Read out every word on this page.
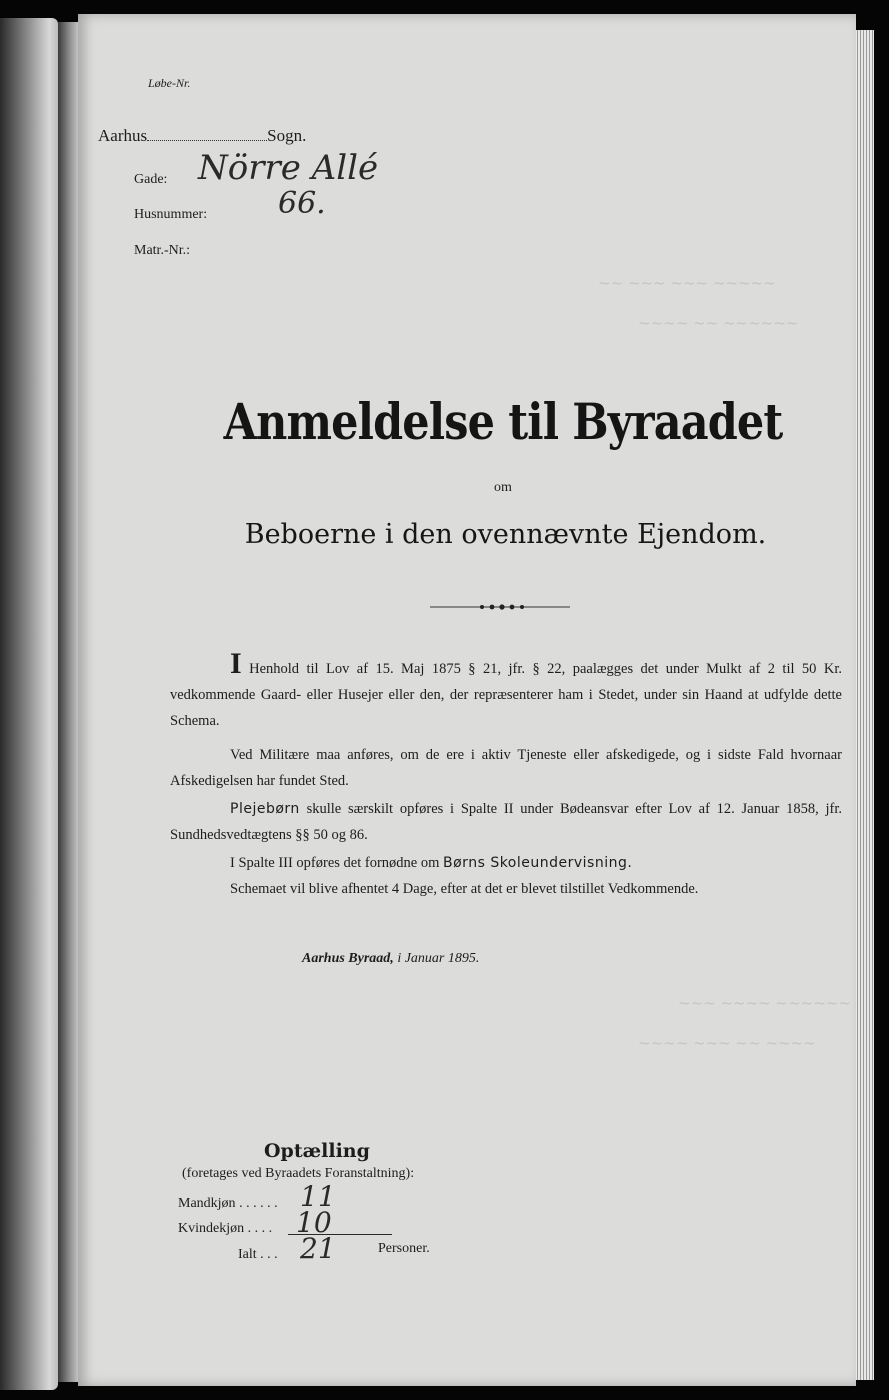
~~ ~~~ ~~~ ~~~~~
~~~~ ~~ ~~~~~~
~~~ ~~~~ ~~~~~~
~~~~ ~~~ ~~ ~~~~
Løbe-Nr.
Aarhus	Sogn.
Gade: Nörre Allé
Husnummer: 66.
Matr.-Nr.:
Anmeldelse til Byraadet
om
Beboerne i den ovennævnte Ejendom.

I Henhold til Lov af 15. Maj 1875 § 21, jfr. § 22, paalægges det under Mulkt af 2 til 50 Kr. vedkommende Gaard- eller Husejer eller den, der repræsenterer ham i Stedet, under sin Haand at udfylde dette Schema.

Ved Militære maa anføres, om de ere i aktiv Tjeneste eller afskedigede, og i sidste Fald hvornaar Afskedigelsen har fundet Sted.

Plejebørn skulle særskilt opføres i Spalte II under Bødeansvar efter Lov af 12. Januar 1858, jfr. Sundhedsvedtægtens §§ 50 og 86.

I Spalte III opføres det fornødne om Børns Skoleundervisning.

Schemaet vil blive afhentet 4 Dage, efter at det er blevet tilstillet Vedkommende.

Aarhus Byraad, i Januar 1895.
Optælling
(foretages ved Byraadets Foranstaltning):
Mandkjøn . . . . . . 11
Kvindekjøn . . . . 10
Ialt . . . 21	Personer.
